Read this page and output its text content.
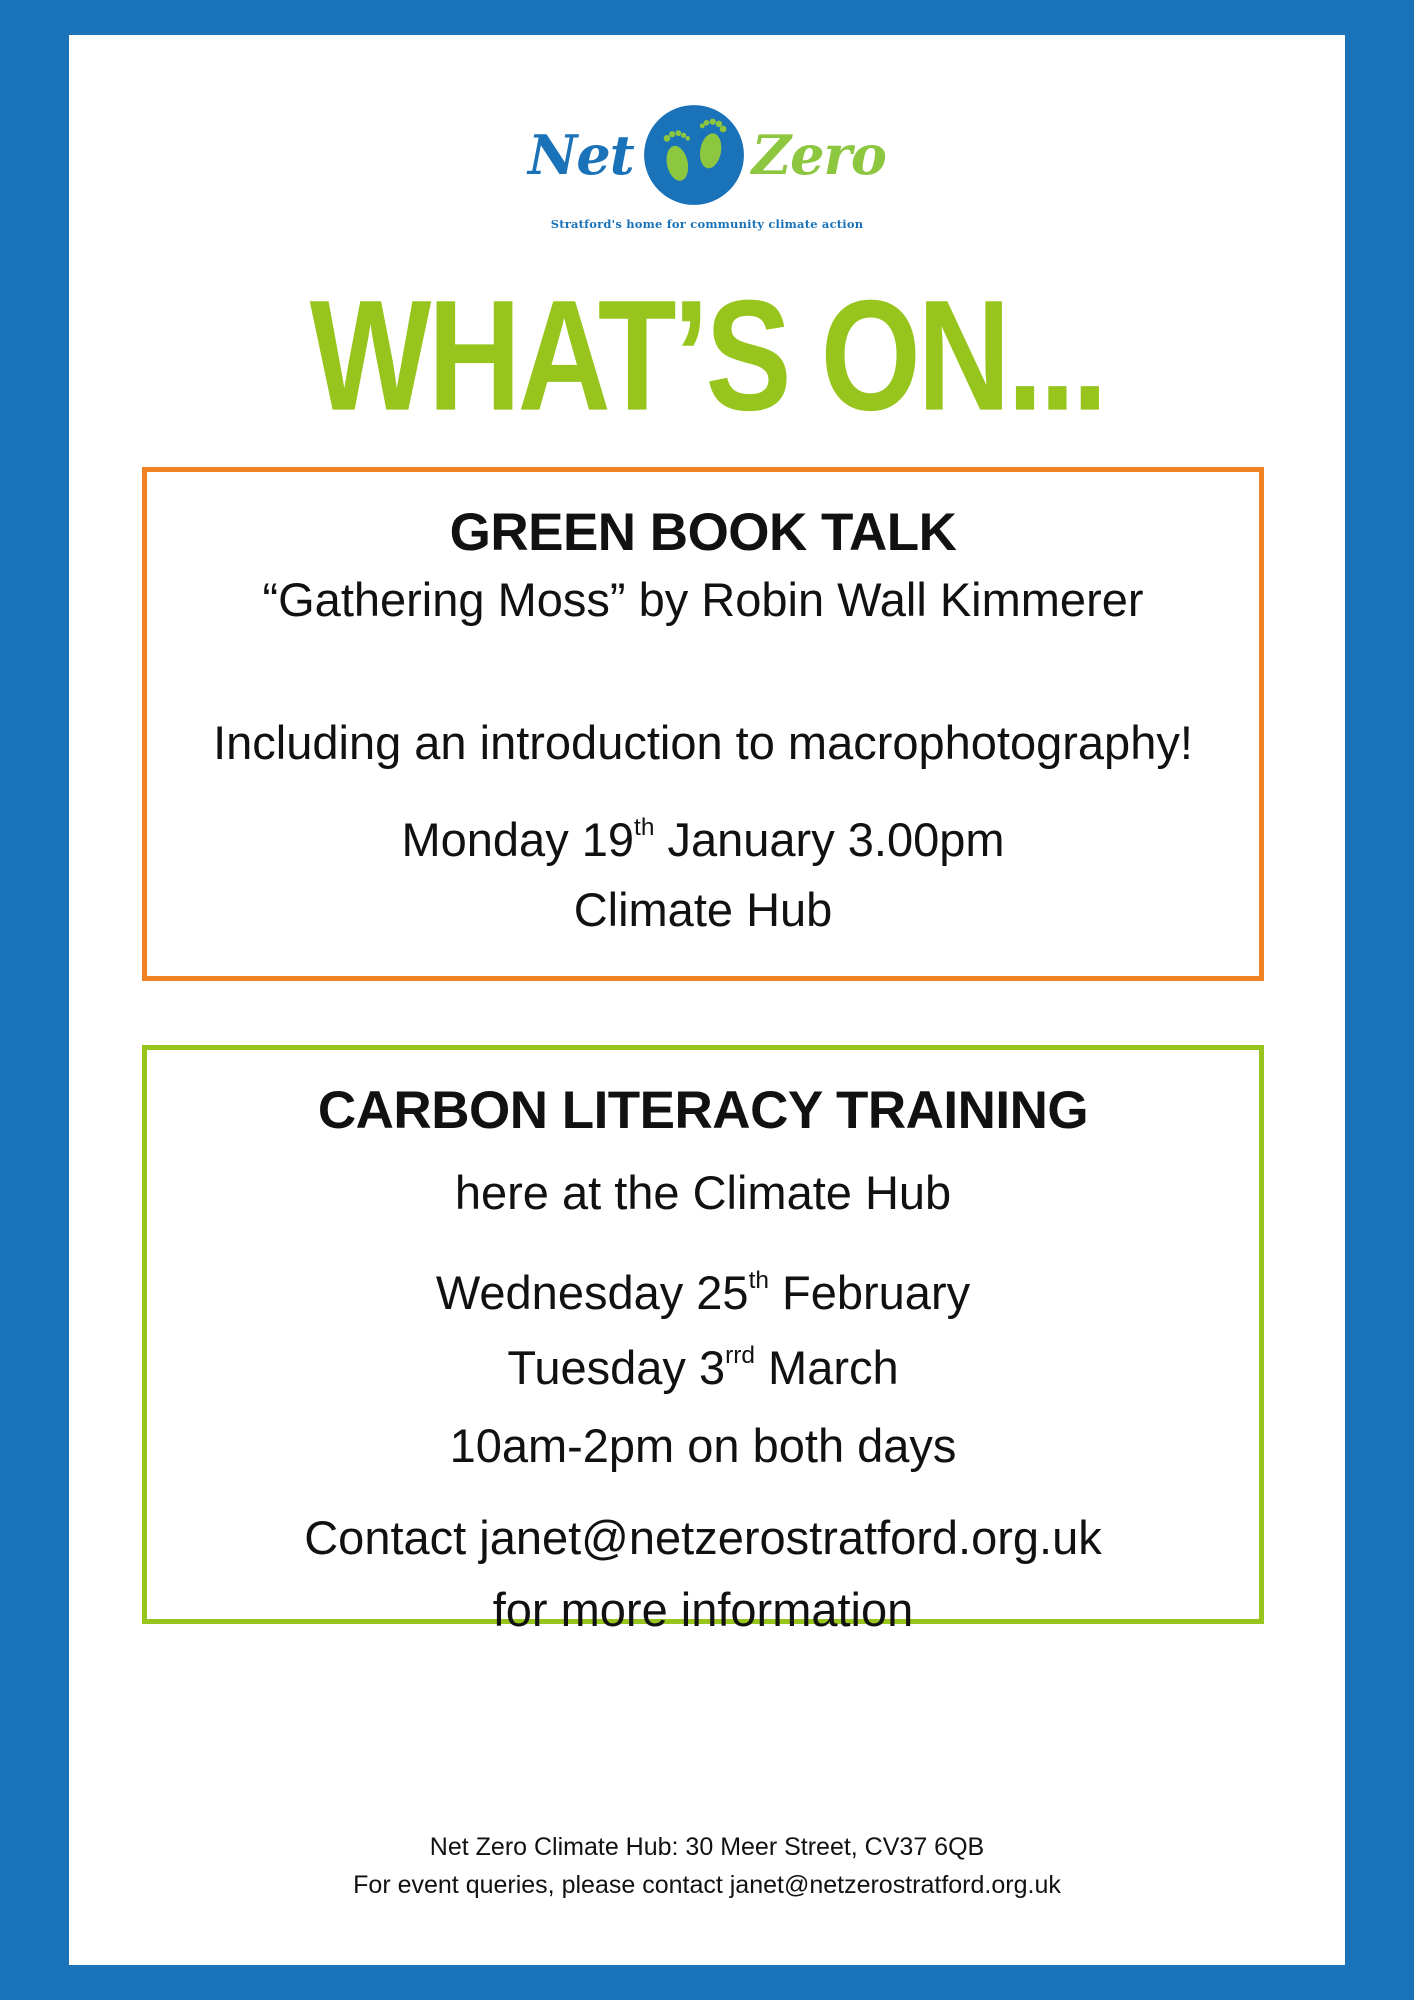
Net Zero
Stratford's home for community climate action
WHAT’S ON...
GREEN BOOK TALK
“Gathering Moss” by Robin Wall Kimmerer
Including an introduction to macrophotography!
Monday 19th January 3.00pm
Climate Hub
CARBON LITERACY TRAINING
here at the Climate Hub
Wednesday 25th February
Tuesday $3^{rrd}$ March
10am-2pm on both days
Contact janet@netzerostratford.org.uk
for more information
Net Zero Climate Hub: 30 Meer Street, CV37 6QB
For event queries, please contact janet@netzerostratford.org.uk
